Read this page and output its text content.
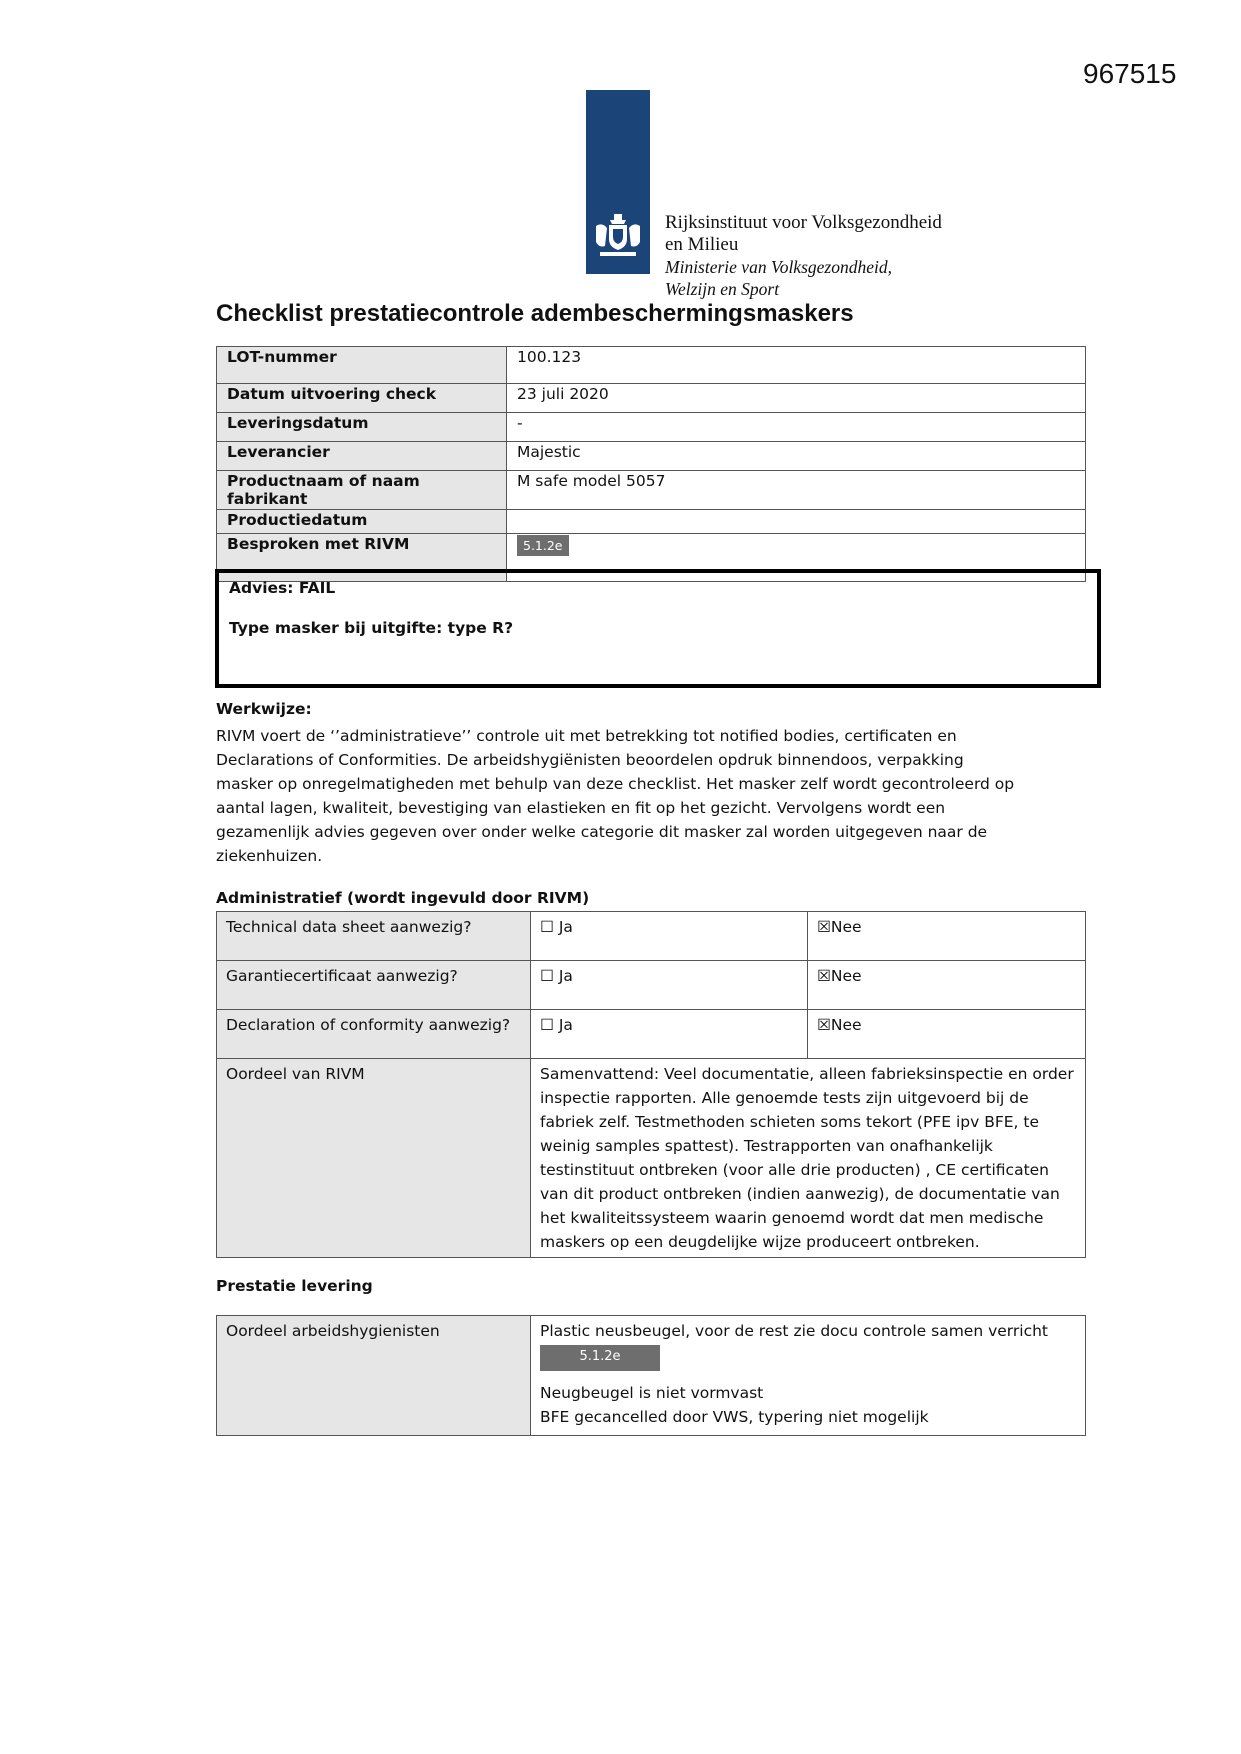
967515
Rijksinstituut voor Volksgezondheid
en Milieu
Ministerie van Volksgezondheid,
Welzijn en Sport
Checklist prestatiecontrole adembeschermingsmaskers
LOT-nummer	100.123
Datum uitvoering check	23 juli 2020
Leveringsdatum	-
Leverancier	Majestic
Productnaam of naam fabrikant	M safe model 5057
Productiedatum	
Besproken met RIVM	5.1.2e
Advies: FAIL
Type masker bij uitgifte: type R?
Werkwijze:

RIVM voert de ‘’administratieve’’ controle uit met betrekking tot notified bodies, certificaten en Declarations of Conformities. De arbeidshygiënisten beoordelen opdruk binnendoos, verpakking masker op onregelmatigheden met behulp van deze checklist. Het masker zelf wordt gecontroleerd op aantal lagen, kwaliteit, bevestiging van elastieken en fit op het gezicht. Vervolgens wordt een gezamenlijk advies gegeven over onder welke categorie dit masker zal worden uitgegeven naar de ziekenhuizen.

Administratief (wordt ingevuld door RIVM)
Technical data sheet aanwezig?	☐ Ja	☒Nee
Garantiecertificaat aanwezig?	☐ Ja	☒Nee
Declaration of conformity aanwezig?	☐ Ja	☒Nee
Oordeel van RIVM	Samenvattend: Veel documentatie, alleen fabrieksinspectie en order inspectie rapporten. Alle genoemde tests zijn uitgevoerd bij de fabriek zelf. Testmethoden schieten soms tekort (PFE ipv BFE, te weinig samples spattest). Testrapporten van onafhankelijk testinstituut ontbreken (voor alle drie producten) , CE certificaten van dit product ontbreken (indien aanwezig), de documentatie van het kwaliteitssysteem waarin genoemd wordt dat men medische maskers op een deugdelijke wijze produceert ontbreken.	
Prestatie levering
Oordeel arbeidshygienisten	Plastic neusbeugel, voor de rest zie docu controle samen verricht
5.1.2e
Neugbeugel is niet vormvast
BFE gecancelled door VWS, typering niet mogelijk
